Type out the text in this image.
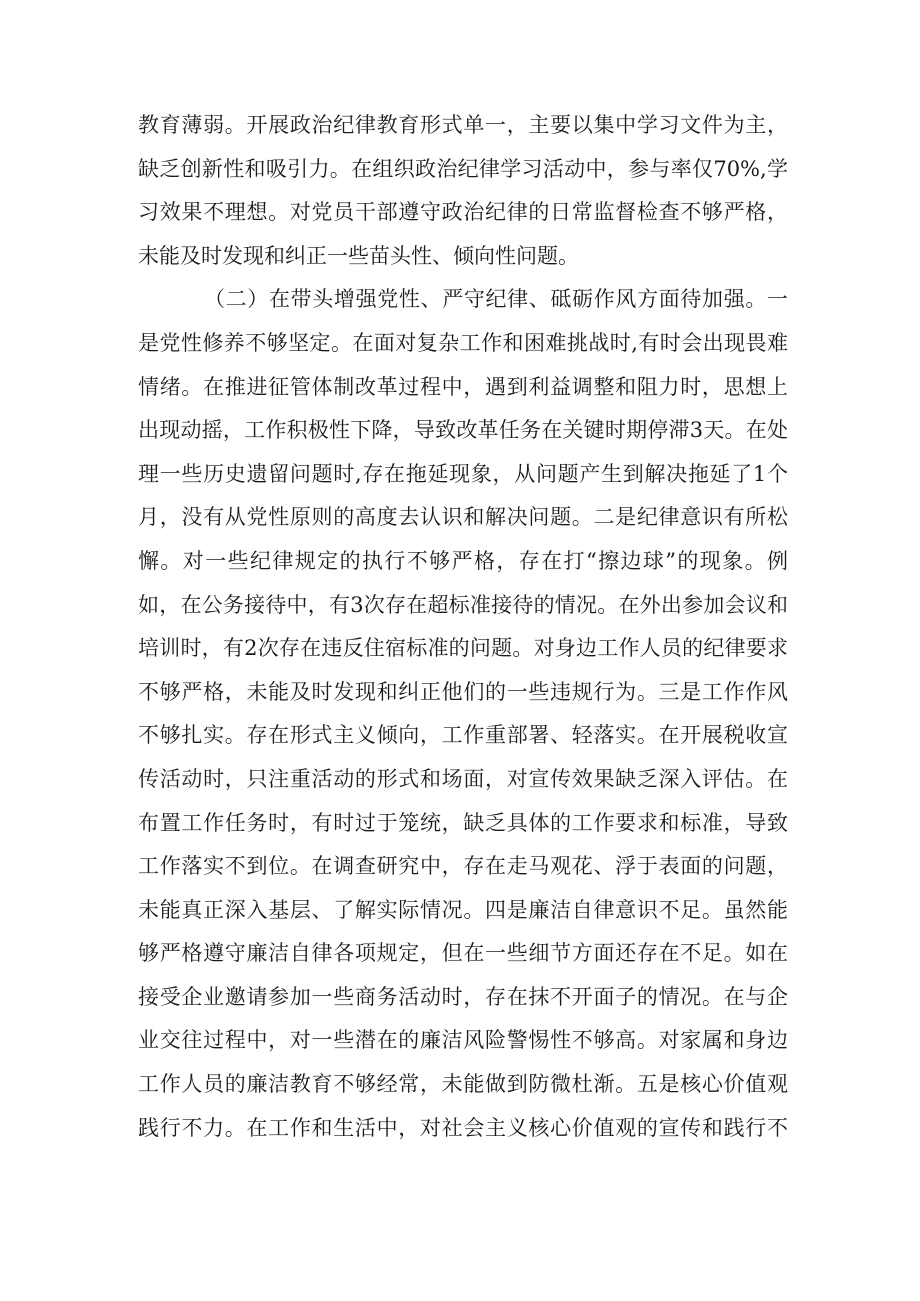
教育薄弱。开展政治纪律教育形式单一，主要以集中学习文件为主，
缺乏创新性和吸引力。在组织政治纪律学习活动中，参与率仅70%,学
习效果不理想。对党员干部遵守政治纪律的日常监督检查不够严格，
未能及时发现和纠正一些苗头性、倾向性问题。
（二）在带头增强党性、严守纪律、砥砺作风方面待加强。一
是党性修养不够坚定。在面对复杂工作和困难挑战时,有时会出现畏难
情绪。在推进征管体制改革过程中，遇到利益调整和阻力时，思想上
出现动摇，工作积极性下降，导致改革任务在关键时期停滞3天。在处
理一些历史遗留问题时,存在拖延现象，从问题产生到解决拖延了1个
月，没有从党性原则的高度去认识和解决问题。二是纪律意识有所松
懈。对一些纪律规定的执行不够严格，存在打“擦边球”的现象。例
如，在公务接待中，有3次存在超标准接待的情况。在外出参加会议和
培训时，有2次存在违反住宿标准的问题。对身边工作人员的纪律要求
不够严格，未能及时发现和纠正他们的一些违规行为。三是工作作风
不够扎实。存在形式主义倾向，工作重部署、轻落实。在开展税收宣
传活动时，只注重活动的形式和场面，对宣传效果缺乏深入评估。在
布置工作任务时，有时过于笼统，缺乏具体的工作要求和标准，导致
工作落实不到位。在调查研究中，存在走马观花、浮于表面的问题，
未能真正深入基层、了解实际情况。四是廉洁自律意识不足。虽然能
够严格遵守廉洁自律各项规定，但在一些细节方面还存在不足。如在
接受企业邀请参加一些商务活动时，存在抹不开面子的情况。在与企
业交往过程中，对一些潜在的廉洁风险警惕性不够高。对家属和身边
工作人员的廉洁教育不够经常，未能做到防微杜渐。五是核心价值观
践行不力。在工作和生活中，对社会主义核心价值观的宣传和践行不
